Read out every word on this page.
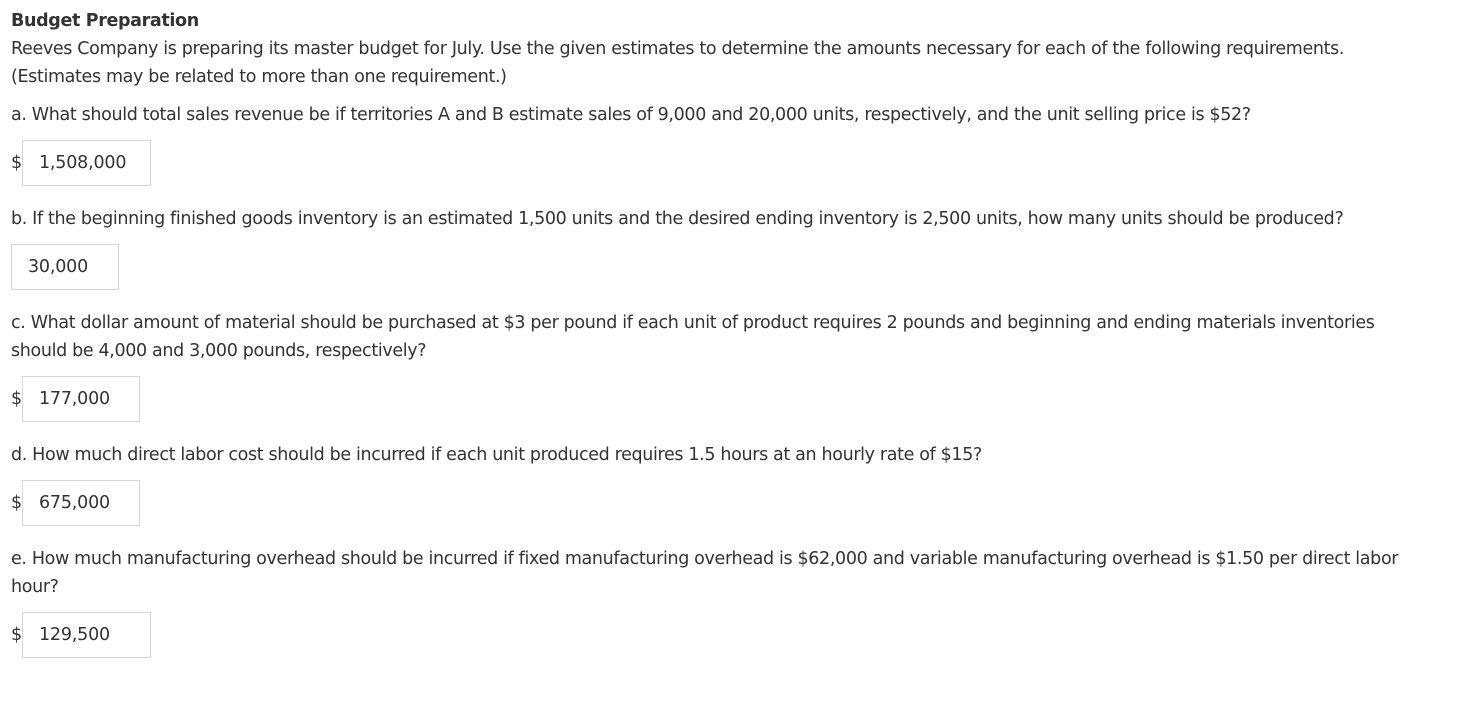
Budget Preparation
Reeves Company is preparing its master budget for July. Use the given estimates to determine the amounts necessary for each of the following requirements.
(Estimates may be related to more than one requirement.)
a. What should total sales revenue be if territories A and B estimate sales of 9,000 and 20,000 units, respectively, and the unit selling price is $52?
$ 1,508,000
b. If the beginning finished goods inventory is an estimated 1,500 units and the desired ending inventory is 2,500 units, how many units should be produced?
30,000
c. What dollar amount of material should be purchased at $3 per pound if each unit of product requires 2 pounds and beginning and ending materials inventories
should be 4,000 and 3,000 pounds, respectively?
$ 177,000
d. How much direct labor cost should be incurred if each unit produced requires 1.5 hours at an hourly rate of $15?
$ 675,000
e. How much manufacturing overhead should be incurred if fixed manufacturing overhead is $62,000 and variable manufacturing overhead is $1.50 per direct labor
hour?
$ 129,500
